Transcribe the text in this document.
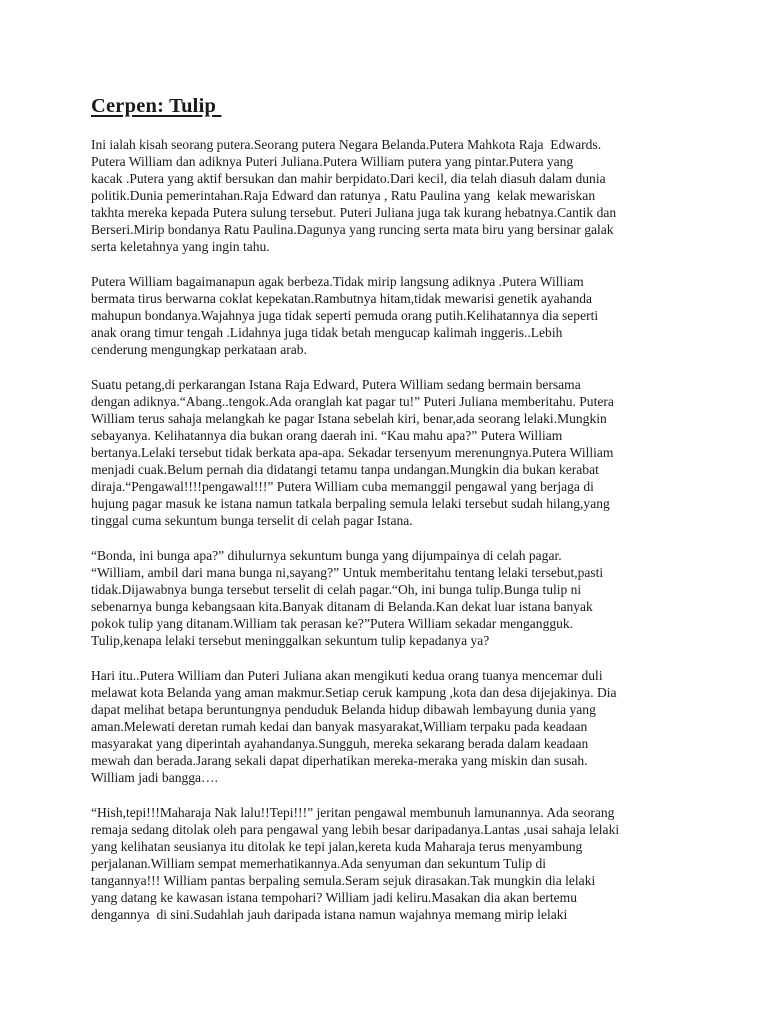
Cerpen: Tulip

Ini ialah kisah seorang putera.Seorang putera Negara Belanda.Putera Mahkota Raja  Edwards.
Putera William dan adiknya Puteri Juliana.Putera William putera yang pintar.Putera yang
kacak .Putera yang aktif bersukan dan mahir berpidato.Dari kecil, dia telah diasuh dalam dunia
politik.Dunia pemerintahan.Raja Edward dan ratunya , Ratu Paulina yang  kelak mewariskan
takhta mereka kepada Putera sulung tersebut. Puteri Juliana juga tak kurang hebatnya.Cantik dan
Berseri.Mirip bondanya Ratu Paulina.Dagunya yang runcing serta mata biru yang bersinar galak
serta keletahnya yang ingin tahu.

Putera William bagaimanapun agak berbeza.Tidak mirip langsung adiknya .Putera William
bermata tirus berwarna coklat kepekatan.Rambutnya hitam,tidak mewarisi genetik ayahanda
mahupun bondanya.Wajahnya juga tidak seperti pemuda orang putih.Kelihatannya dia seperti
anak orang timur tengah .Lidahnya juga tidak betah mengucap kalimah inggeris..Lebih
cenderung mengungkap perkataan arab.

Suatu petang,di perkarangan Istana Raja Edward, Putera William sedang bermain bersama
dengan adiknya.“Abang..tengok.Ada oranglah kat pagar tu!” Puteri Juliana memberitahu. Putera
William terus sahaja melangkah ke pagar Istana sebelah kiri, benar,ada seorang lelaki.Mungkin
sebayanya. Kelihatannya dia bukan orang daerah ini. “Kau mahu apa?” Putera William
bertanya.Lelaki tersebut tidak berkata apa-apa. Sekadar tersenyum merenungnya.Putera William
menjadi cuak.Belum pernah dia didatangi tetamu tanpa undangan.Mungkin dia bukan kerabat
diraja.“Pengawal!!!!pengawal!!!” Putera William cuba memanggil pengawal yang berjaga di
hujung pagar masuk ke istana namun tatkala berpaling semula lelaki tersebut sudah hilang,yang
tinggal cuma sekuntum bunga terselit di celah pagar Istana.

“Bonda, ini bunga apa?” dihulurnya sekuntum bunga yang dijumpainya di celah pagar.
“William, ambil dari mana bunga ni,sayang?” Untuk memberitahu tentang lelaki tersebut,pasti
tidak.Dijawabnya bunga tersebut terselit di celah pagar.“Oh, ini bunga tulip.Bunga tulip ni
sebenarnya bunga kebangsaan kita.Banyak ditanam di Belanda.Kan dekat luar istana banyak
pokok tulip yang ditanam.William tak perasan ke?”Putera William sekadar mengangguk.
Tulip,kenapa lelaki tersebut meninggalkan sekuntum tulip kepadanya ya?

Hari itu..Putera William dan Puteri Juliana akan mengikuti kedua orang tuanya mencemar duli
melawat kota Belanda yang aman makmur.Setiap ceruk kampung ,kota dan desa dijejakinya. Dia
dapat melihat betapa beruntungnya penduduk Belanda hidup dibawah lembayung dunia yang
aman.Melewati deretan rumah kedai dan banyak masyarakat,William terpaku pada keadaan
masyarakat yang diperintah ayahandanya.Sungguh, mereka sekarang berada dalam keadaan
mewah dan berada.Jarang sekali dapat diperhatikan mereka-meraka yang miskin dan susah.
William jadi bangga….

“Hish,tepi!!!Maharaja Nak lalu!!Tepi!!!” jeritan pengawal membunuh lamunannya. Ada seorang
remaja sedang ditolak oleh para pengawal yang lebih besar daripadanya.Lantas ,usai sahaja lelaki
yang kelihatan seusianya itu ditolak ke tepi jalan,kereta kuda Maharaja terus menyambung
perjalanan.William sempat memerhatikannya.Ada senyuman dan sekuntum Tulip di
tangannya!!! William pantas berpaling semula.Seram sejuk dirasakan.Tak mungkin dia lelaki
yang datang ke kawasan istana tempohari? William jadi keliru.Masakan dia akan bertemu
dengannya  di sini.Sudahlah jauh daripada istana namun wajahnya memang mirip lelaki
